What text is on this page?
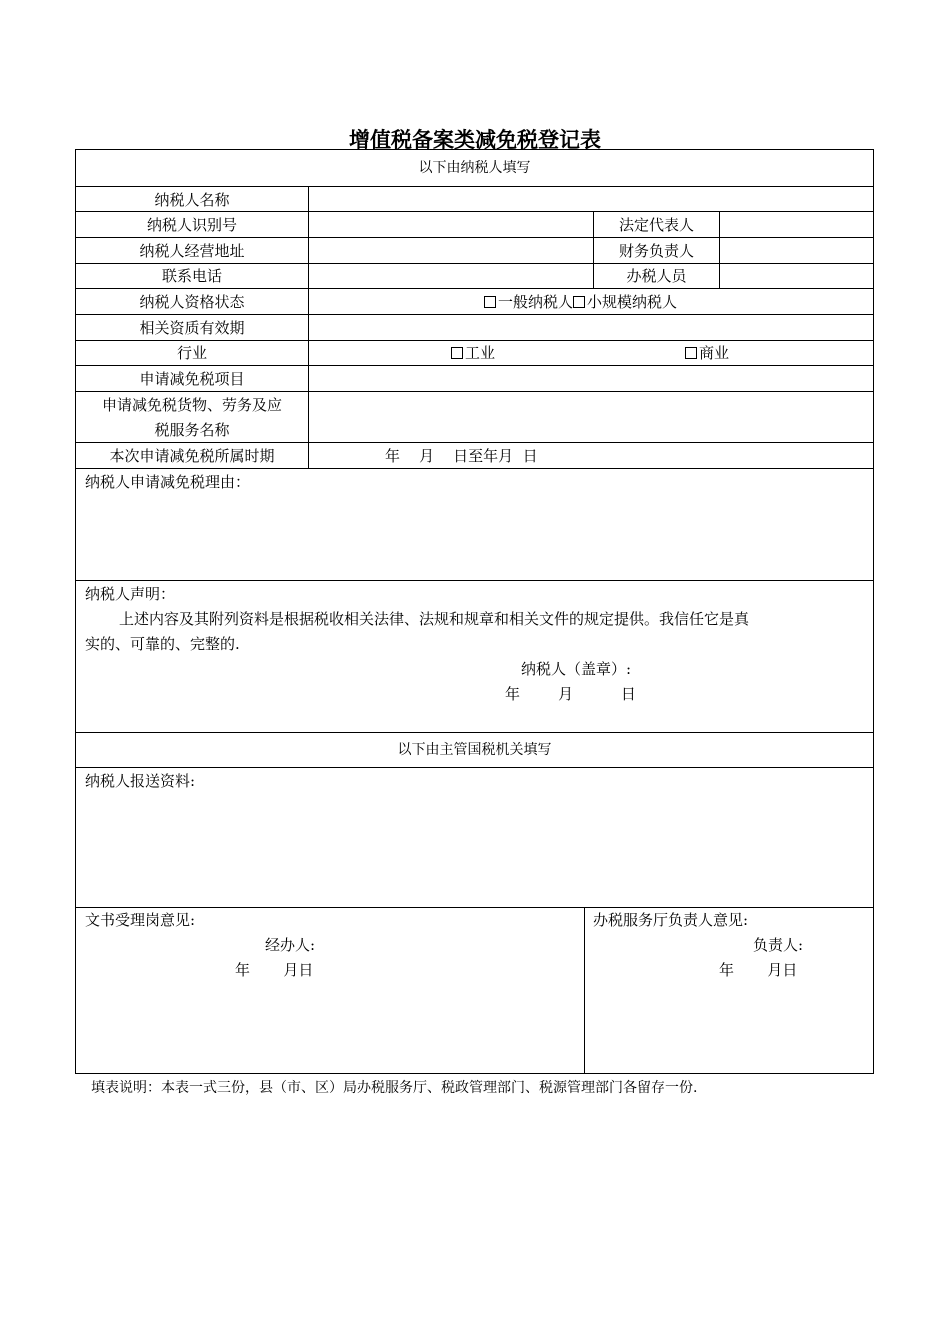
增值税备案类减免税登记表
以下由纳税人填写
纳税人名称
纳税人识别号	法定代表人
纳税人经营地址	财务负责人
联系电话	办税人员
纳税人资格状态	一般纳税人 小规模纳税人
相关资质有效期
行业	工业	商业
申请减免税项目
申请减免税货物、劳务及应
税服务名称
本次申请减免税所属时期	年    月    日至年月  日
纳税人申请减免税理由：
纳税人声明：
上述内容及其附列资料是根据税收相关法律、法规和规章和相关文件的规定提供。我信任它是真
实的、可靠的、完整的.
纳税人（盖章）:
年        月          日
以下由主管国税机关填写
纳税人报送资料:
文书受理岗意见:
经办人:
年       月日
办税服务厅负责人意见:
负责人:
年       月日
填表说明：本表一式三份，县（市、区）局办税服务厅、税政管理部门、税源管理部门各留存一份.
